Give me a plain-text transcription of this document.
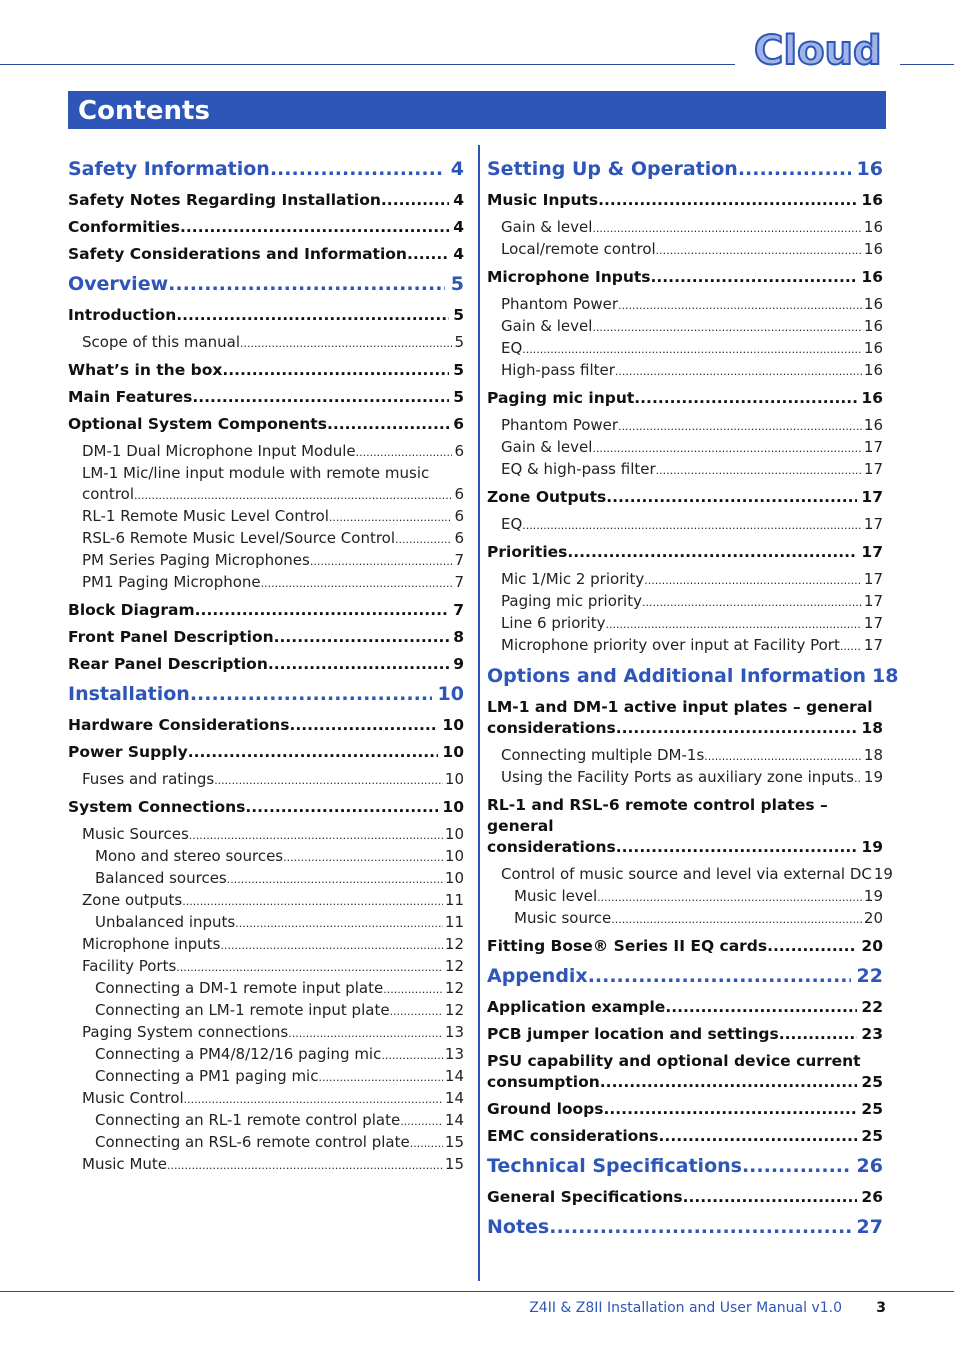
Cloud
Contents
Safety Information .....	4
Safety Notes Regarding Installation .....	4
Conformities .....	4
Safety Considerations and Information .....	4
Overview .....	5
Introduction .....	5
Scope of this manual .....	5
What’s in the box .....	5
Main Features .....	5
Optional System Components .....	6
DM-1 Dual Microphone Input Module .....	6
LM-1 Mic/line input module with remote music
control .....	6
RL-1 Remote Music Level Control .....	6
RSL-6 Remote Music Level/Source Control .....	6
PM Series Paging Microphones .....	7
PM1 Paging Microphone .....	7
Block Diagram .....	7
Front Panel Description .....	8
Rear Panel Description .....	9
Installation .....	10
Hardware Considerations .....	10
Power Supply .....	10
Fuses and ratings .....	10
System Connections .....	10
Music Sources .....	10
Mono and stereo sources .....	10
Balanced sources .....	10
Zone outputs .....	11
Unbalanced inputs .....	11
Microphone inputs .....	12
Facility Ports .....	12
Connecting a DM-1 remote input plate .....	12
Connecting an LM-1 remote input plate .....	12
Paging System connections .....	13
Connecting a PM4/8/12/16 paging mic .....	13
Connecting a PM1 paging mic .....	14
Music Control .....	14
Connecting an RL-1 remote control plate .....	14
Connecting an RSL-6 remote control plate ..... 15
Music Mute .....	15
Setting Up & Operation .....	16
Music Inputs .....	16
Gain & level .....	16
Local/remote control .....	16
Microphone Inputs .....	16
Phantom Power .....	16
Gain & level .....	16
EQ .....	16
High-pass filter .....	16
Paging mic input .....	16
Phantom Power .....	16
Gain & level .....	17
EQ & high-pass filter .....	17
Zone Outputs .....	17
EQ .....	17
Priorities .....	17
Mic 1/Mic 2 priority .....	17
Paging mic priority .....	17
Line 6 priority .....	17
Microphone priority over input at Facility Port ..... 17
Options and Additional Information 18
LM-1 and DM-1 active input plates – general
considerations .....	18
Connecting multiple DM-1s .....	18
Using the Facility Ports as auxiliary zone inputs ..... 19
RL-1 and RSL-6 remote control plates – general
considerations .....	19
Control of music source and level via external DC 19
Music level .....	19
Music source .....	20
Fitting Bose® Series II EQ cards .....	20
Appendix .....	22
Application example .....	22
PCB jumper location and settings .....	23
PSU capability and optional device current
consumption .....	25
Ground loops .....	25
EMC considerations .....	25
Technical Specifications .....	26
General Specifications .....	26
Notes .....	27
Z4II & Z8II Installation and User Manual v1.0 3
